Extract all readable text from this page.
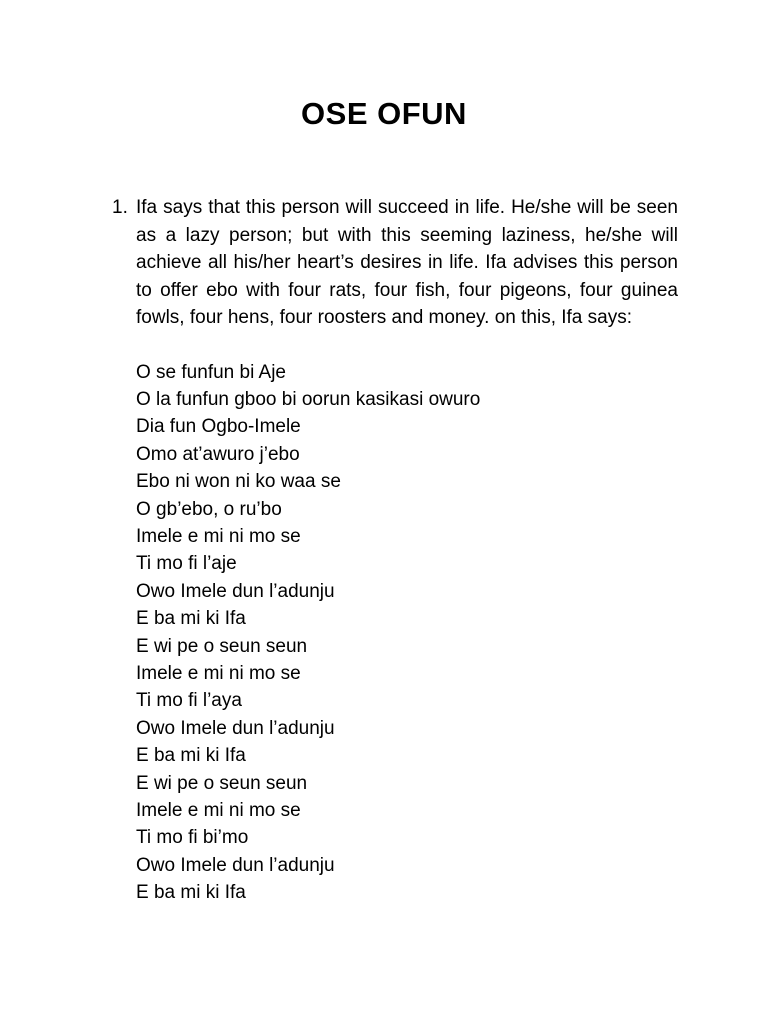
OSE OFUN
1. Ifa says that this person will succeed in life. He/she will be seen as a lazy person; but with this seeming laziness, he/she will achieve all his/her heart’s desires in life. Ifa advises this person to offer ebo with four rats, four fish, four pigeons, four guinea fowls, four hens, four roosters and money. on this, Ifa says:

O se funfun bi Aje
O la funfun gboo bi oorun kasikasi owuro
Dia fun Ogbo-Imele
Omo at’awuro j’ebo
Ebo ni won ni ko waa se
O gb’ebo, o ru’bo
Imele e mi ni mo se
Ti mo fi l’aje
Owo Imele dun l’adunju
E ba mi ki Ifa
E wi pe o seun seun
Imele e mi ni mo se
Ti mo fi l’aya
Owo Imele dun l’adunju
E ba mi ki Ifa
E wi pe o seun seun
Imele e mi ni mo se
Ti mo fi bi’mo
Owo Imele dun l’adunju
E ba mi ki Ifa
